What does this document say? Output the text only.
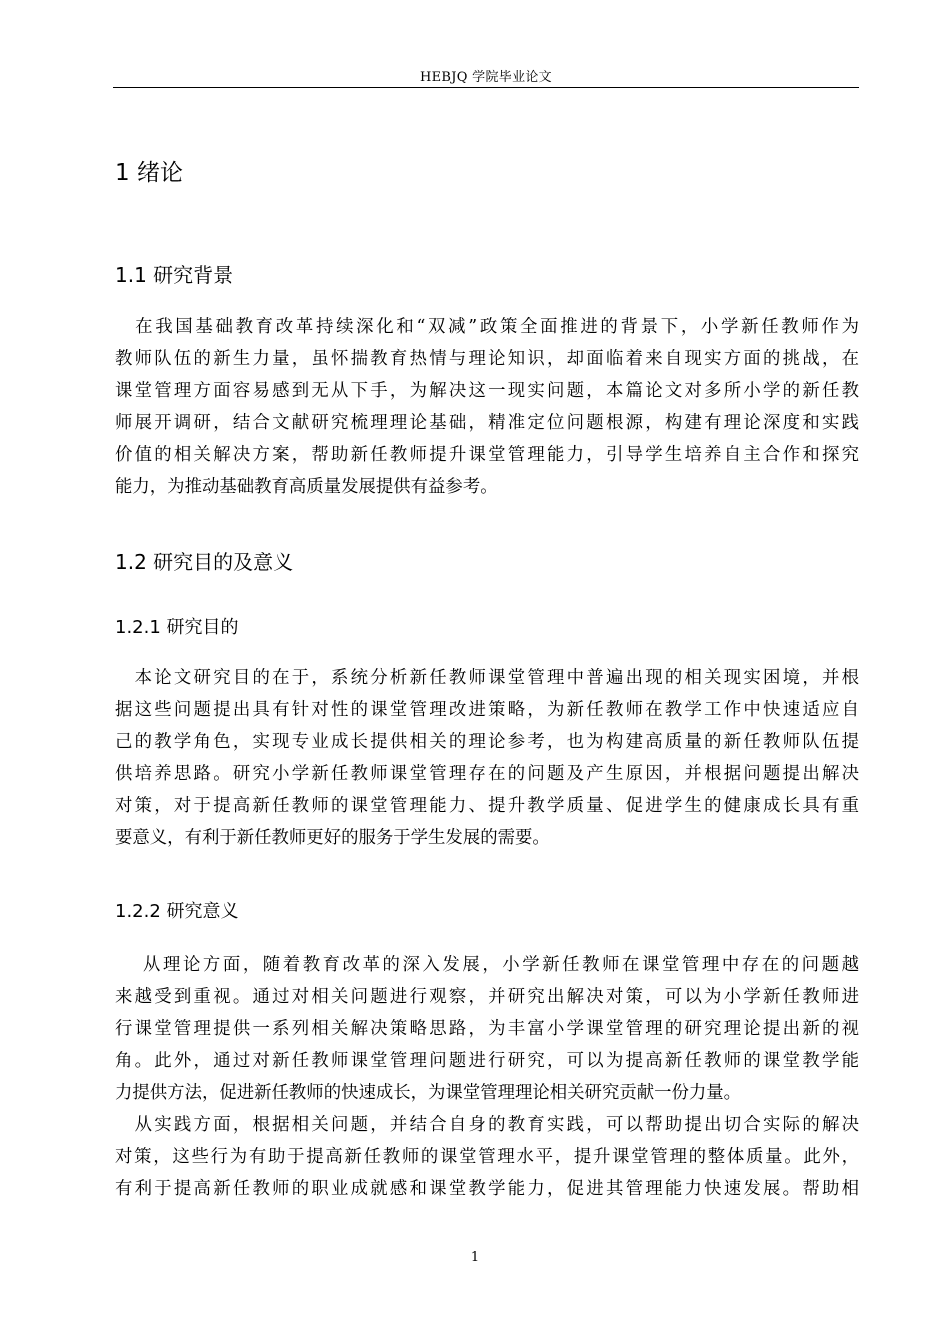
HEBJQ 学院毕业论文
1 绪论
1.1 研究背景
　在我国基础教育改革持续深化和“双减”政策全面推进的背景下，小学新任教师作为
教师队伍的新生力量，虽怀揣教育热情与理论知识，却面临着来自现实方面的挑战，在
课堂管理方面容易感到无从下手，为解决这一现实问题，本篇论文对多所小学的新任教
师展开调研，结合文献研究梳理理论基础，精准定位问题根源，构建有理论深度和实践
价值的相关解决方案，帮助新任教师提升课堂管理能力，引导学生培养自主合作和探究
能力，为推动基础教育高质量发展提供有益参考。
1.2 研究目的及意义
1.2.1 研究目的
　本论文研究目的在于，系统分析新任教师课堂管理中普遍出现的相关现实困境，并根
据这些问题提出具有针对性的课堂管理改进策略，为新任教师在教学工作中快速适应自
己的教学角色，实现专业成长提供相关的理论参考，也为构建高质量的新任教师队伍提
供培养思路。研究小学新任教师课堂管理存在的问题及产生原因，并根据问题提出解决
对策，对于提高新任教师的课堂管理能力、提升教学质量、促进学生的健康成长具有重
要意义，有利于新任教师更好的服务于学生发展的需要。
1.2.2 研究意义
　 从理论方面，随着教育改革的深入发展，小学新任教师在课堂管理中存在的问题越
来越受到重视。通过对相关问题进行观察，并研究出解决对策，可以为小学新任教师进
行课堂管理提供一系列相关解决策略思路，为丰富小学课堂管理的研究理论提出新的视
角。此外，通过对新任教师课堂管理问题进行研究，可以为提高新任教师的课堂教学能
力提供方法，促进新任教师的快速成长，为课堂管理理论相关研究贡献一份力量。
　从实践方面，根据相关问题，并结合自身的教育实践，可以帮助提出切合实际的解决
对策，这些行为有助于提高新任教师的课堂管理水平，提升课堂管理的整体质量。此外，
有利于提高新任教师的职业成就感和课堂教学能力，促进其管理能力快速发展。帮助相
1
